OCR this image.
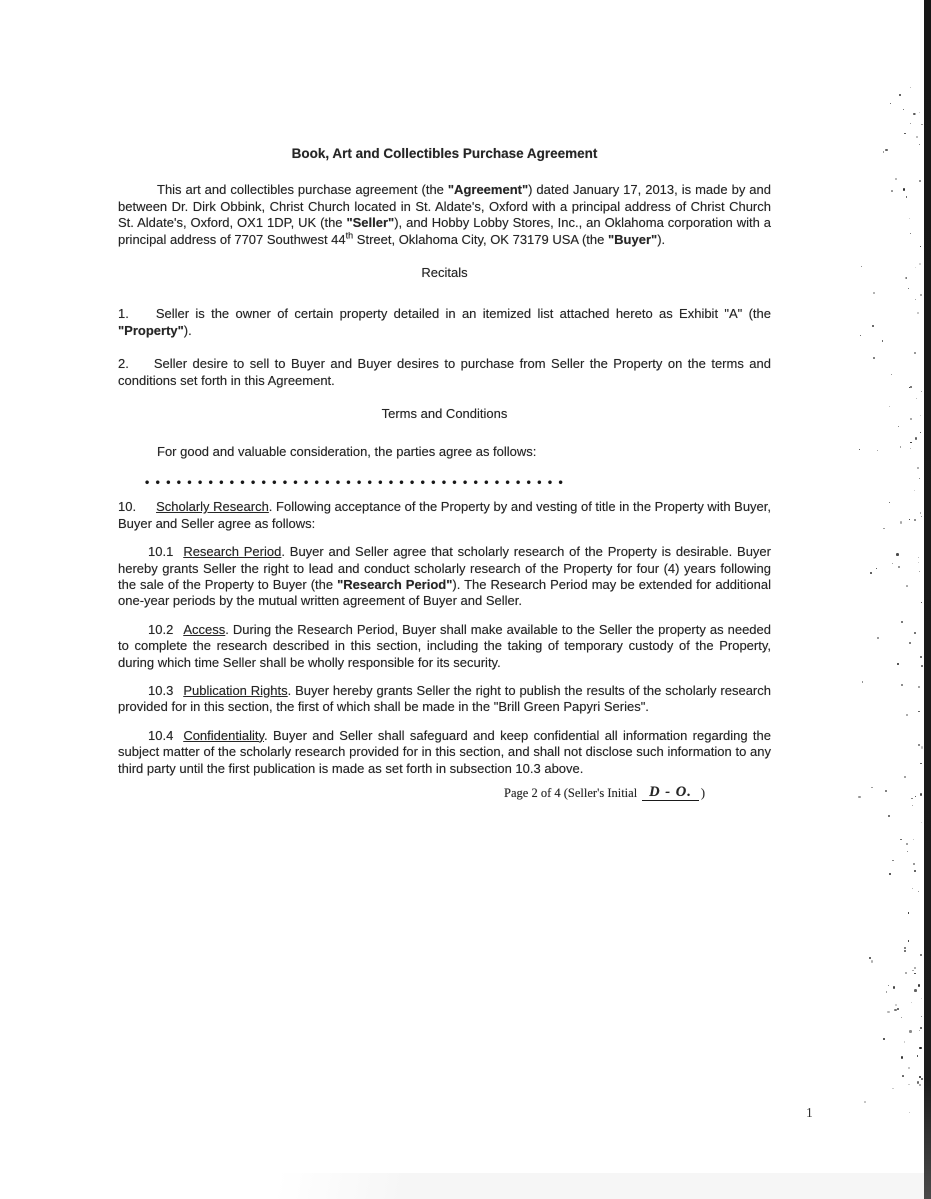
Book, Art and Collectibles Purchase Agreement

This art and collectibles purchase agreement (the "Agreement") dated January 17, 2013, is made by and between Dr. Dirk Obbink, Christ Church located in St. Aldate's, Oxford with a principal address of Christ Church St. Aldate's, Oxford, OX1 1DP, UK (the "Seller"), and Hobby Lobby Stores, Inc., an Oklahoma corporation with a principal address of 7707 Southwest 44th Street, Oklahoma City, OK 73179 USA (the "Buyer").

Recitals

1. Seller is the owner of certain property detailed in an itemized list attached hereto as Exhibit "A" (the "Property").

2. Seller desire to sell to Buyer and Buyer desires to purchase from Seller the Property on the terms and conditions set forth in this Agreement.

Terms and Conditions

For good and valuable consideration, the parties agree as follows:

••••••••••••••••••••••••••••••••••••••••

10. Scholarly Research. Following acceptance of the Property by and vesting of title in the Property with Buyer, Buyer and Seller agree as follows:

10.1 Research Period. Buyer and Seller agree that scholarly research of the Property is desirable. Buyer hereby grants Seller the right to lead and conduct scholarly research of the Property for four (4) years following the sale of the Property to Buyer (the "Research Period"). The Research Period may be extended for additional one-year periods by the mutual written agreement of Buyer and Seller.

10.2 Access. During the Research Period, Buyer shall make available to the Seller the property as needed to complete the research described in this section, including the taking of temporary custody of the Property, during which time Seller shall be wholly responsible for its security.

10.3 Publication Rights. Buyer hereby grants Seller the right to publish the results of the scholarly research provided for in this section, the first of which shall be made in the "Brill Green Papyri Series".

10.4 Confidentiality. Buyer and Seller shall safeguard and keep confidential all information regarding the subject matter of the scholarly research provided for in this section, and shall not disclose such information to any third party until the first publication is made as set forth in subsection 10.3 above.

Page 2 of 4 (Seller's Initial D - O. )
1
